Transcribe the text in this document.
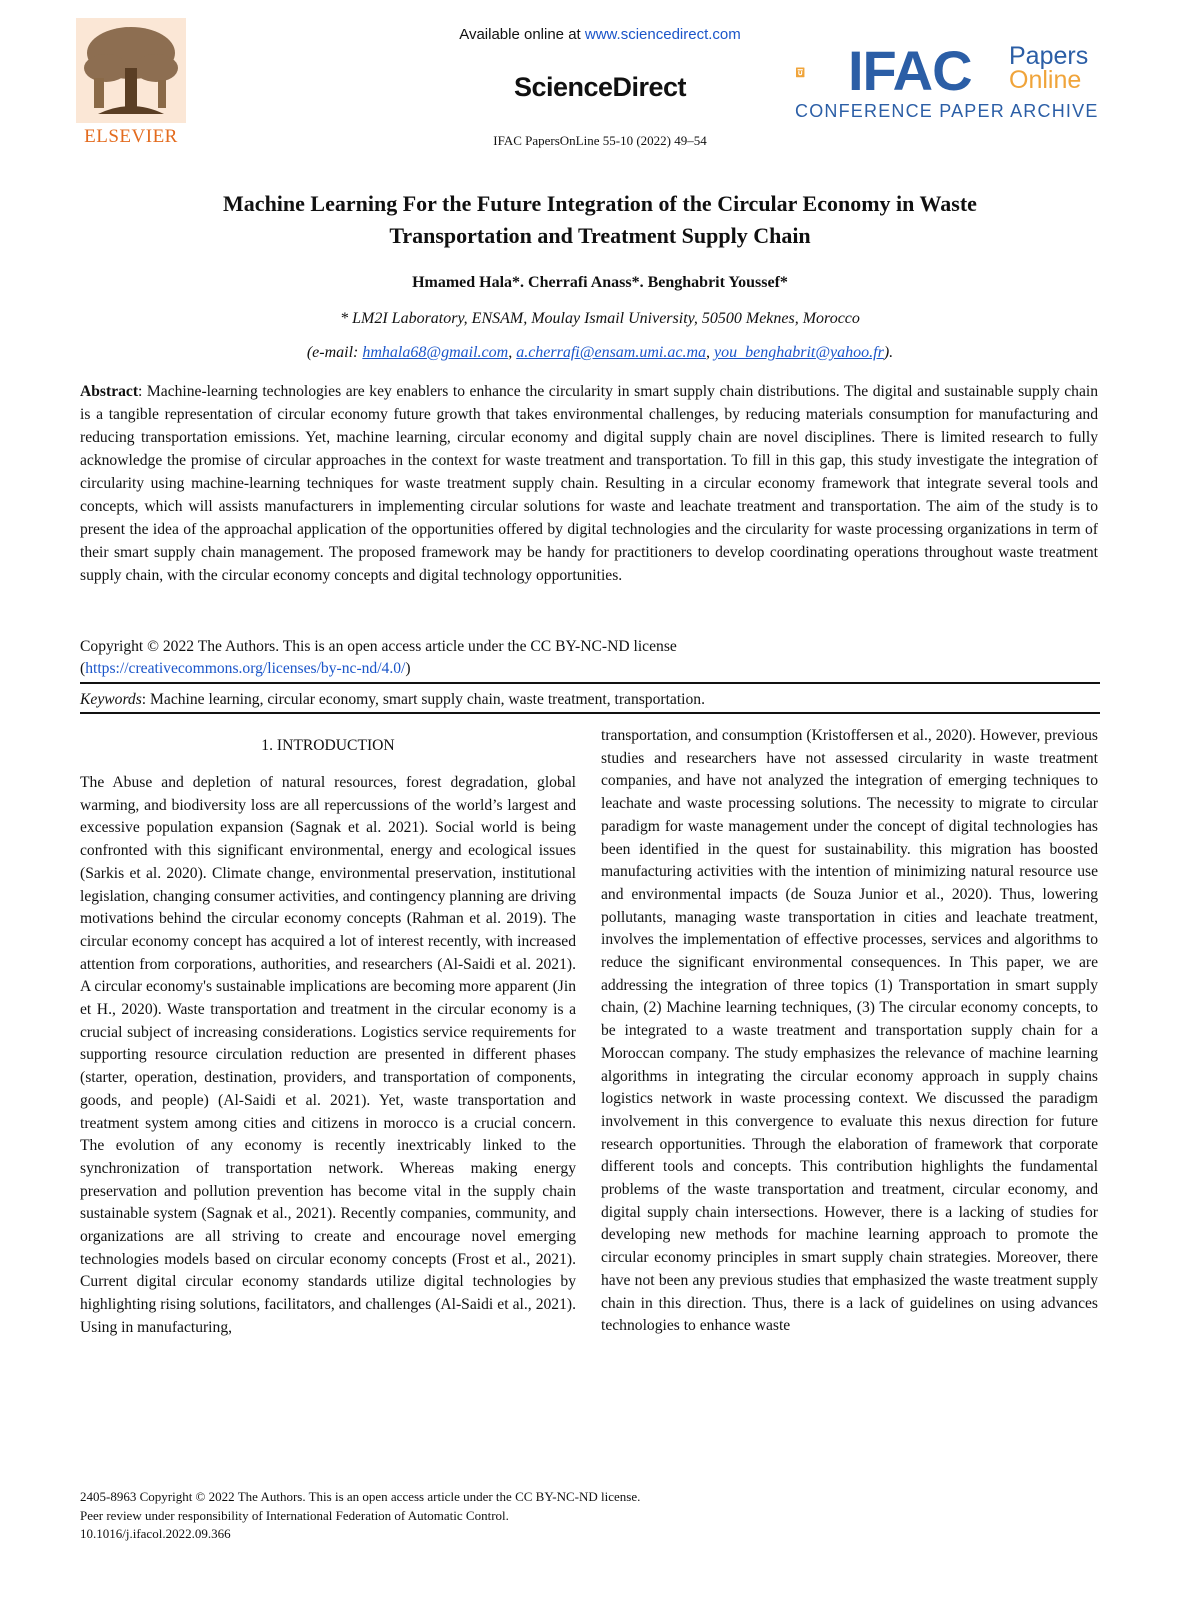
ELSEVIER
Available online at www.sciencedirect.com
ScienceDirect
IFAC PapersOnLine 55-10 (2022) 49–54
IFAC Papers
Online
CONFERENCE PAPER ARCHIVE
Machine Learning For the Future Integration of the Circular Economy in Waste
Transportation and Treatment Supply Chain
Hmamed Hala*. Cherrafi Anass*. Benghabrit Youssef*
* LM2I Laboratory, ENSAM, Moulay Ismail University, 50500 Meknes, Morocco
(e-mail: hmhala68@gmail.com, a.cherrafi@ensam.umi.ac.ma, you_benghabrit@yahoo.fr).
Abstract: Machine-learning technologies are key enablers to enhance the circularity in smart supply chain distributions. The digital and sustainable supply chain is a tangible representation of circular economy future growth that takes environmental challenges, by reducing materials consumption for manufacturing and reducing transportation emissions. Yet, machine learning, circular economy and digital supply chain are novel disciplines. There is limited research to fully acknowledge the promise of circular approaches in the context for waste treatment and transportation. To fill in this gap, this study investigate the integration of circularity using machine-learning techniques for waste treatment supply chain. Resulting in a circular economy framework that integrate several tools and concepts, which will assists manufacturers in implementing circular solutions for waste and leachate treatment and transportation. The aim of the study is to present the idea of the approachal application of the opportunities offered by digital technologies and the circularity for waste processing organizations in term of their smart supply chain management. The proposed framework may be handy for practitioners to develop coordinating operations throughout waste treatment supply chain, with the circular economy concepts and digital technology opportunities.
Copyright © 2022 The Authors. This is an open access article under the CC BY-NC-ND license
(https://creativecommons.org/licenses/by-nc-nd/4.0/)
Keywords: Machine learning, circular economy, smart supply chain, waste treatment, transportation.
1. INTRODUCTION
The Abuse and depletion of natural resources, forest degradation, global warming, and biodiversity loss are all repercussions of the world’s largest and excessive population expansion (Sagnak et al. 2021). Social world is being confronted with this significant environmental, energy and ecological issues (Sarkis et al. 2020). Climate change, environmental preservation, institutional legislation, changing consumer activities, and contingency planning are driving motivations behind the circular economy concepts (Rahman et al. 2019). The circular economy concept has acquired a lot of interest recently, with increased attention from corporations, authorities, and researchers (Al-Saidi et al. 2021). A circular economy's sustainable implications are becoming more apparent (Jin et H., 2020). Waste transportation and treatment in the circular economy is a crucial subject of increasing considerations. Logistics service requirements for supporting resource circulation reduction are presented in different phases (starter, operation, destination, providers, and transportation of components, goods, and people) (Al-Saidi et al. 2021). Yet, waste transportation and treatment system among cities and citizens in morocco is a crucial concern. The evolution of any economy is recently inextricably linked to the synchronization of transportation network. Whereas making energy preservation and pollution prevention has become vital in the supply chain sustainable system (Sagnak et al., 2021). Recently companies, community, and organizations are all striving to create and encourage novel emerging technologies models based on circular economy concepts (Frost et al., 2021). Current digital circular economy standards utilize digital technologies by highlighting rising solutions, facilitators, and challenges (Al-Saidi et al., 2021). Using in manufacturing,
transportation, and consumption (Kristoffersen et al., 2020). However, previous studies and researchers have not assessed circularity in waste treatment companies, and have not analyzed the integration of emerging techniques to leachate and waste processing solutions. The necessity to migrate to circular paradigm for waste management under the concept of digital technologies has been identified in the quest for sustainability. this migration has boosted manufacturing activities with the intention of minimizing natural resource use and environmental impacts (de Souza Junior et al., 2020). Thus, lowering pollutants, managing waste transportation in cities and leachate treatment, involves the implementation of effective processes, services and algorithms to reduce the significant environmental consequences. In This paper, we are addressing the integration of three topics (1) Transportation in smart supply chain, (2) Machine learning techniques, (3) The circular economy concepts, to be integrated to a waste treatment and transportation supply chain for a Moroccan company. The study emphasizes the relevance of machine learning algorithms in integrating the circular economy approach in supply chains logistics network in waste processing context. We discussed the paradigm involvement in this convergence to evaluate this nexus direction for future research opportunities. Through the elaboration of framework that corporate different tools and concepts. This contribution highlights the fundamental problems of the waste transportation and treatment, circular economy, and digital supply chain intersections. However, there is a lacking of studies for developing new methods for machine learning approach to promote the circular economy principles in smart supply chain strategies. Moreover, there have not been any previous studies that emphasized the waste treatment supply chain in this direction. Thus, there is a lack of guidelines on using advances technologies to enhance waste
2405-8963 Copyright © 2022 The Authors. This is an open access article under the CC BY-NC-ND license.
Peer review under responsibility of International Federation of Automatic Control.
10.1016/j.ifacol.2022.09.366
